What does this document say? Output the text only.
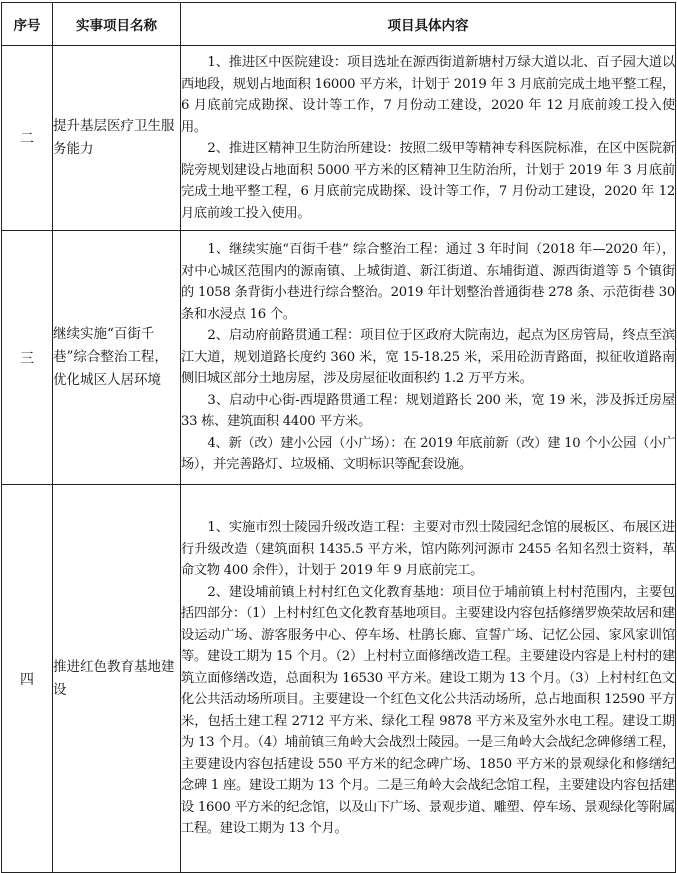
序号	实事项目名称	项目具体内容
二	提升基层医疗卫生服务能力	1、推进区中医院建设：项目选址在源西街道新塘村万绿大道以北、百子园大道以西地段，规划占地面积 16000 平方米，计划于 2019 年 3 月底前完成土地平整工程，6 月底前完成勘探、设计等工作，7 月份动工建设，2020 年 12 月底前竣工投入使用。

2、推进区精神卫生防治所建设：按照二级甲等精神专科医院标准，在区中医院新院旁规划建设占地面积 5000 平方米的区精神卫生防治所，计划于 2019 年 3 月底前完成土地平整工程，6 月底前完成勘探、设计等工作，7 月份动工建设，2020 年 12 月底前竣工投入使用。

三	继续实施“百街千巷”综合整治工程，优化城区人居环境	1、继续实施“百街千巷” 综合整治工程：通过 3 年时间（2018 年—2020 年），对中心城区范围内的源南镇、上城街道、新江街道、东埔街道、源西街道等 5 个镇街的 1058 条背街小巷进行综合整治。2019 年计划整治普通街巷 278 条、示范街巷 30 条和水浸点 16 个。

2、启动府前路贯通工程：项目位于区政府大院南边，起点为区房管局，终点至滨江大道，规划道路长度约 360 米，宽 15-18.25 米，采用砼沥青路面，拟征收道路南侧旧城区部分土地房屋，涉及房屋征收面积约 1.2 万平方米。

3、启动中心街-西堤路贯通工程：规划道路长 200 米，宽 19 米，涉及拆迁房屋 33 栋、建筑面积 4400 平方米。

4、新（改）建小公园（小广场）：在 2019 年底前新（改）建 10 个小公园（小广场），并完善路灯、垃圾桶、文明标识等配套设施。

四	推进红色教育基地建设	1、实施市烈士陵园升级改造工程：主要对市烈士陵园纪念馆的展板区、布展区进行升级改造（建筑面积 1435.5 平方米，馆内陈列河源市 2455 名知名烈士资料，革命文物 400 余件），计划于 2019 年 9 月底前完工。

2、建设埔前镇上村村红色文化教育基地：项目位于埔前镇上村村范围内，主要包括四部分：（1）上村村红色文化教育基地项目。主要建设内容包括修缮罗焕荣故居和建设运动广场、游客服务中心、停车场、杜鹃长廊、宣誓广场、记忆公园、家风家训馆等。建设工期为 15 个月。（2）上村村立面修缮改造工程。主要建设内容是上村村的建筑立面修缮改造，总面积为 16530 平方米。建设工期为 13 个月。（3）上村村红色文化公共活动场所项目。主要建设一个红色文化公共活动场所，总占地面积 12590 平方米，包括土建工程 2712 平方米、绿化工程 9878 平方米及室外水电工程。建设工期为 13 个月。（4）埔前镇三角岭大会战烈士陵园。一是三角岭大会战纪念碑修缮工程，主要建设内容包括建设 550 平方米的纪念碑广场、1850 平方米的景观绿化和修缮纪念碑 1 座。建设工期为 13 个月。二是三角岭大会战纪念馆工程，主要建设内容包括建设 1600 平方米的纪念馆，以及山下广场、景观步道、雕塑、停车场、景观绿化等附属工程。建设工期为 13 个月。
